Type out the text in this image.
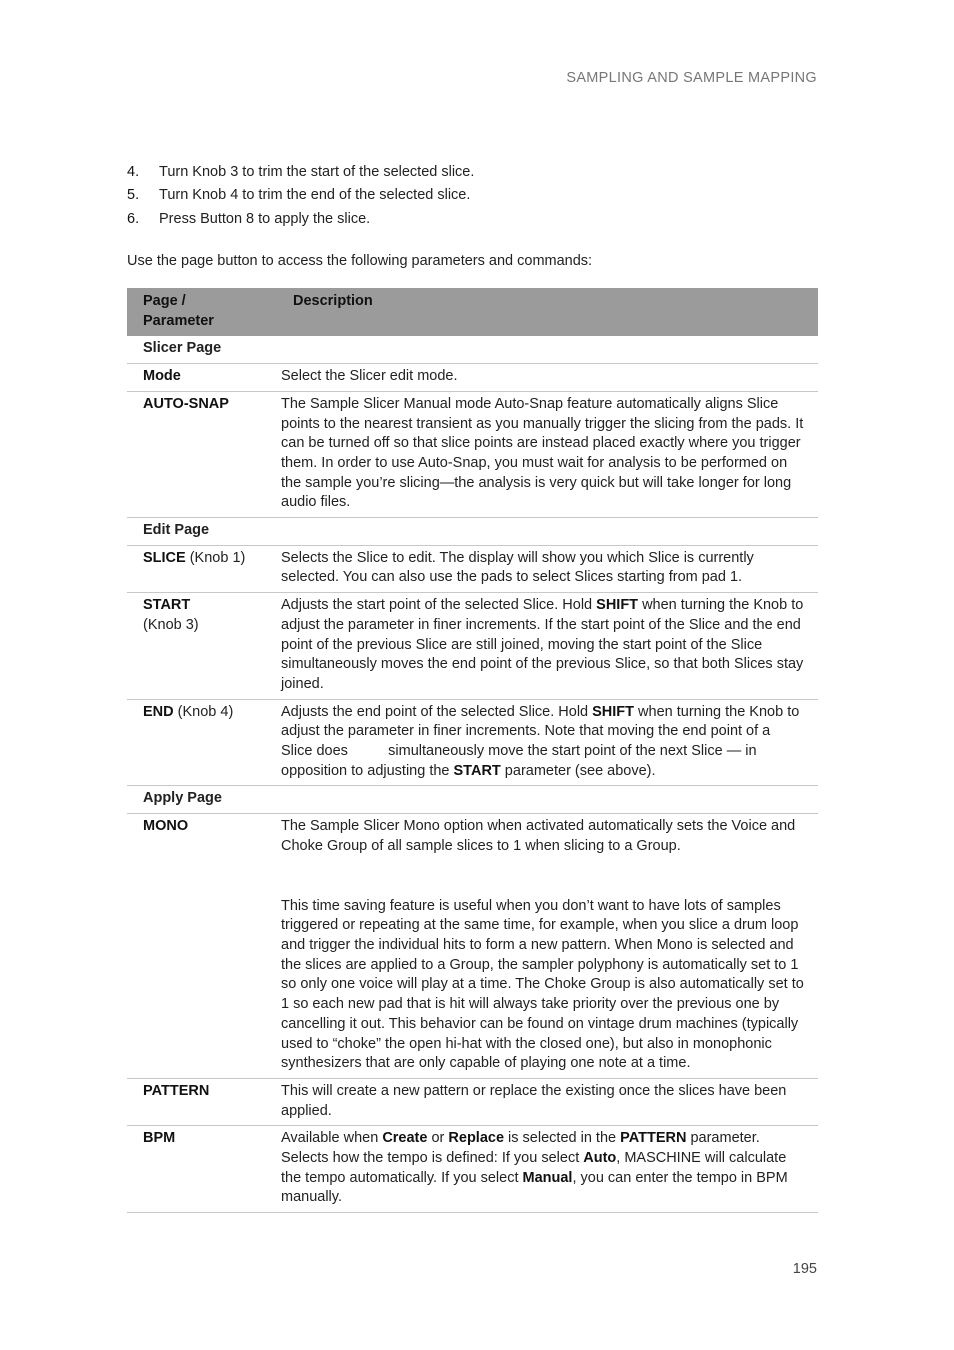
SAMPLING AND SAMPLE MAPPING
4.	Turn Knob 3 to trim the start of the selected slice.
5.	Turn Knob 4 to trim the end of the selected slice.
6.	Press Button 8 to apply the slice.
Use the page button to access the following parameters and commands:
Page /
Parameter	Description
Slicer Page	
Mode	Select the Slicer edit mode.
AUTO-SNAP	The Sample Slicer Manual mode Auto-Snap feature automatically aligns Slice points to the nearest transient as you manually trigger the slicing from the pads. It can be turned off so that slice points are instead placed exactly where you trigger them. In order to use Auto-Snap, you must wait for analysis to be performed on the sample you’re slicing—the analysis is very quick but will take longer for long audio files.
Edit Page	
SLICE (Knob 1)	Selects the Slice to edit. The display will show you which Slice is currently selected. You can also use the pads to select Slices starting from pad 1.
START
(Knob 3)	Adjusts the start point of the selected Slice. Hold SHIFT when turning the Knob to adjust the parameter in finer increments. If the start point of the Slice and the end point of the previous Slice are still joined, moving the start point of the Slice simultaneously moves the end point of the previous Slice, so that both Slices stay joined.
END (Knob 4)	Adjusts the end point of the selected Slice. Hold SHIFT when turning the Knob to adjust the parameter in finer increments. Note that moving the end point of a Slice does          simultaneously move the start point of the next Slice — in opposition to adjusting the START parameter (see above).
Apply Page	
MONO	The Sample Slicer Mono option when activated automatically sets the Voice and Choke Group of all sample slices to 1 when slicing to a Group.
This time saving feature is useful when you don’t want to have lots of samples triggered or repeating at the same time, for example, when you slice a drum loop and trigger the individual hits to form a new pattern. When Mono is selected and the slices are applied to a Group, the sampler polyphony is automatically set to 1 so only one voice will play at a time. The Choke Group is also automatically set to 1 so each new pad that is hit will always take priority over the previous one by cancelling it out. This behavior can be found on vintage drum machines (typically used to “choke” the open hi-hat with the closed one), but also in monophonic synthesizers that are only capable of playing one note at a time.

PATTERN	This will create a new pattern or replace the existing once the slices have been applied.
BPM	Available when Create or Replace is selected in the PATTERN parameter. Selects how the tempo is defined: If you select Auto, MASCHINE will calculate the tempo automatically. If you select Manual, you can enter the tempo in BPM manually.
195
